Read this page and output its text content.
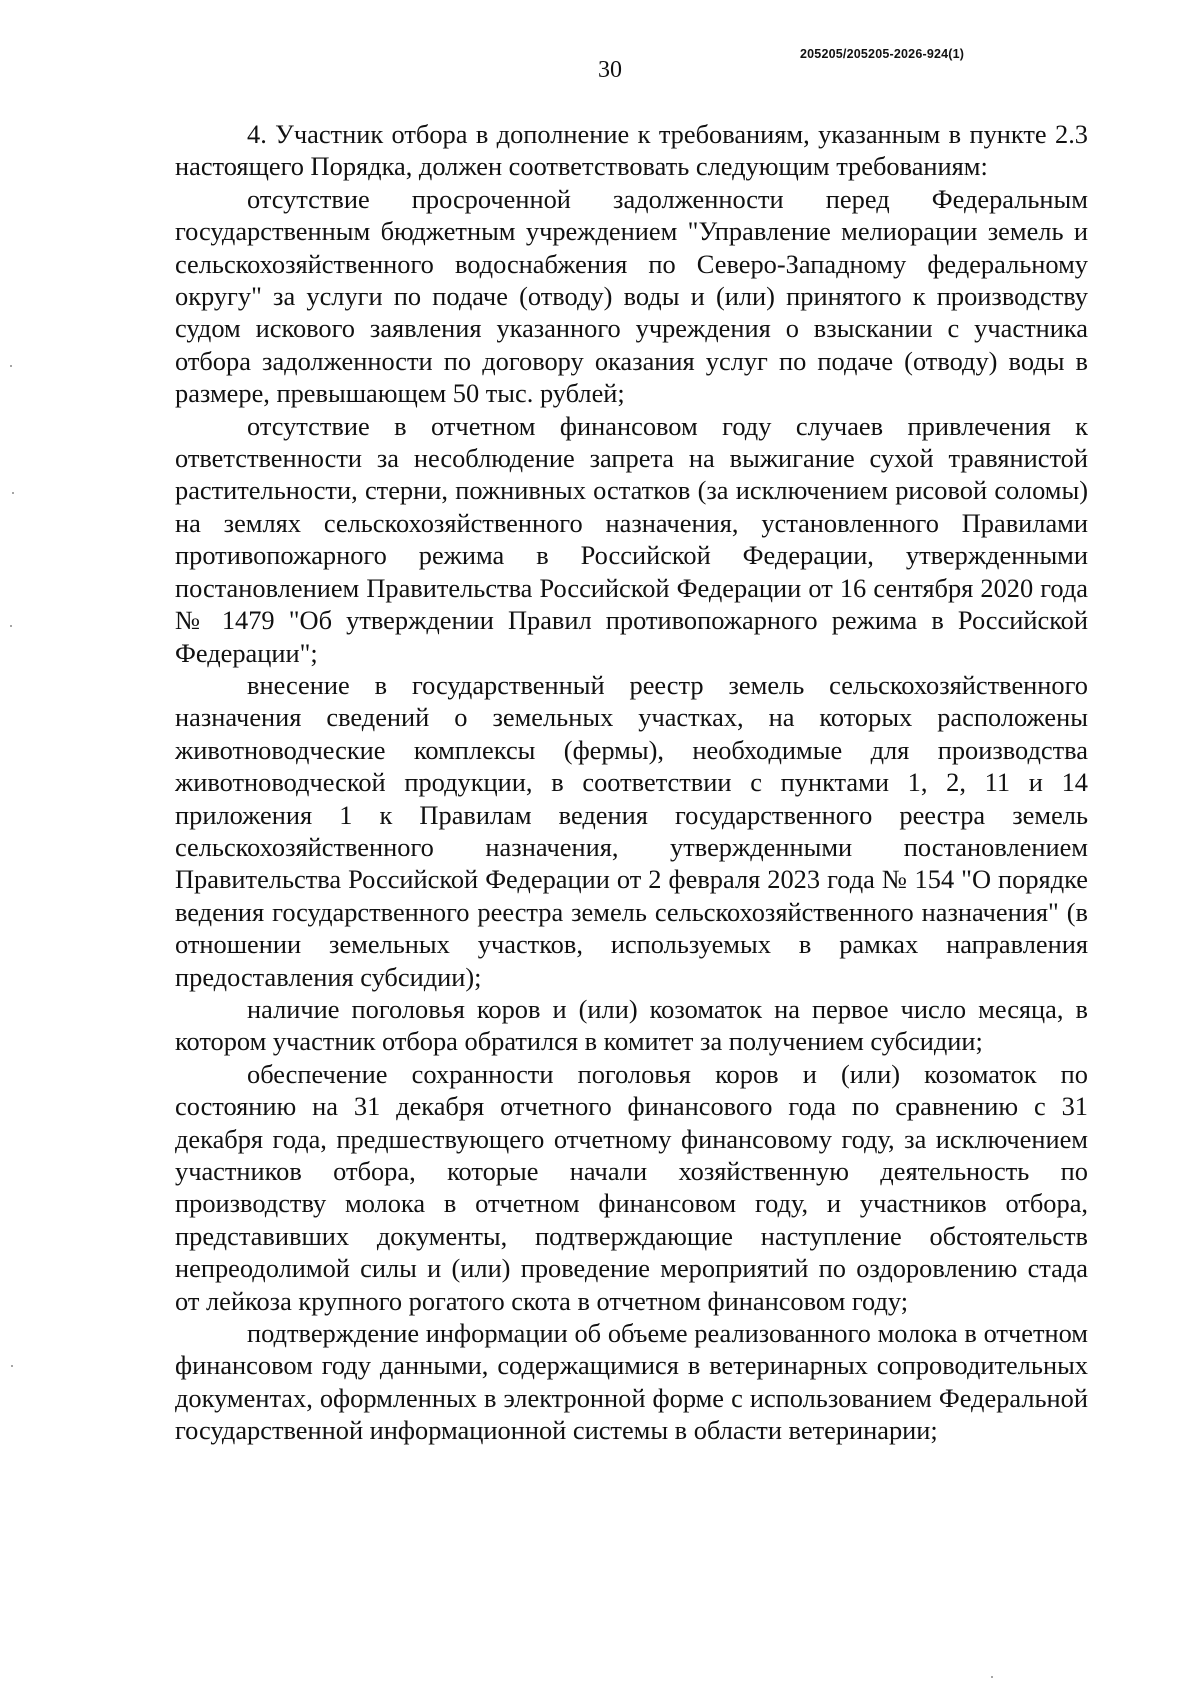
30
205205/205205-2026-924(1)

4. Участник отбора в дополнение к требованиям, указанным в пункте 2.3 настоящего Порядка, должен соответствовать следующим требованиям:

отсутствие просроченной задолженности перед Федеральным государственным бюджетным учреждением "Управление мелиорации земель и сельскохозяйственного водоснабжения по Северо-Западному федеральному округу" за услуги по подаче (отводу) воды и (или) принятого к производству судом искового заявления указанного учреждения о взыскании с участника отбора задолженности по договору оказания услуг по подаче (отводу) воды в размере, превышающем 50 тыс. рублей;

отсутствие в отчетном финансовом году случаев привлечения к ответственности за несоблюдение запрета на выжигание сухой травянистой растительности, стерни, пожнивных остатков (за исключением рисовой соломы) на землях сельскохозяйственного назначения, установленного Правилами противопожарного режима в Российской Федерации, утвержденными постановлением Правительства Российской Федерации от 16 сентября 2020 года № 1479 "Об утверждении Правил противопожарного режима в Российской Федерации";

внесение в государственный реестр земель сельскохозяйственного назначения сведений о земельных участках, на которых расположены животноводческие комплексы (фермы), необходимые для производства животноводческой продукции, в соответствии с пунктами 1, 2, 11 и 14 приложения 1 к Правилам ведения государственного реестра земель сельскохозяйственного назначения, утвержденными постановлением Правительства Российской Федерации от 2 февраля 2023 года № 154 "О порядке ведения государственного реестра земель сельскохозяйственного назначения" (в отношении земельных участков, используемых в рамках направления предоставления субсидии);

наличие поголовья коров и (или) козоматок на первое число месяца, в котором участник отбора обратился в комитет за получением субсидии;

обеспечение сохранности поголовья коров и (или) козоматок по состоянию на 31 декабря отчетного финансового года по сравнению с 31 декабря года, предшествующего отчетному финансовому году, за исключением участников отбора, которые начали хозяйственную деятельность по производству молока в отчетном финансовом году, и участников отбора, представивших документы, подтверждающие наступление обстоятельств непреодолимой силы и (или) проведение мероприятий по оздоровлению стада от лейкоза крупного рогатого скота в отчетном финансовом году;

подтверждение информации об объеме реализованного молока в отчетном финансовом году данными, содержащимися в ветеринарных сопроводительных документах, оформленных в электронной форме с использованием Федеральной государственной информационной системы в области ветеринарии;
